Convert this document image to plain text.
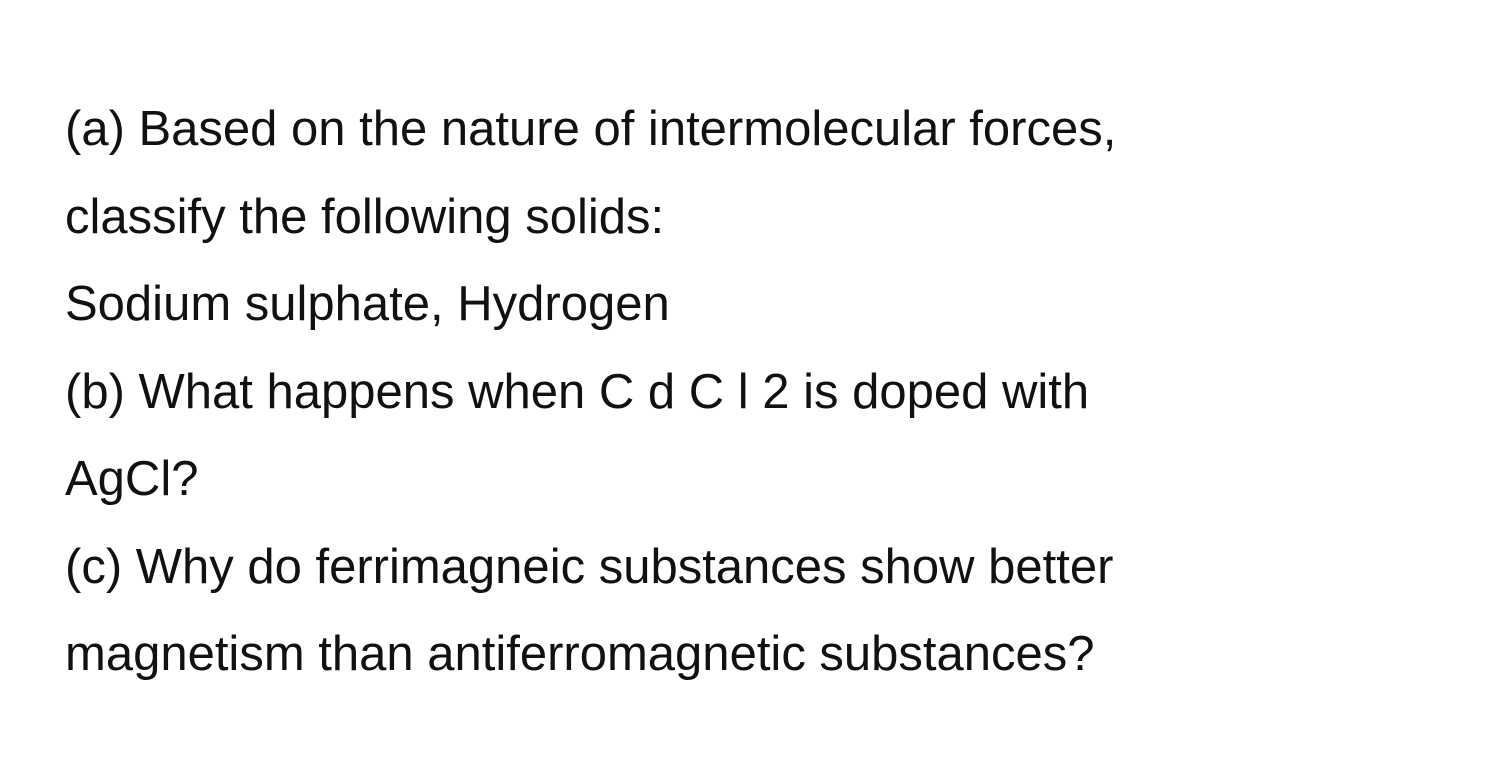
(a) Based on the nature of intermolecular forces,
classify the following solids:
Sodium sulphate, Hydrogen
(b) What happens when C d C l 2 is doped with
AgCl?
(c) Why do ferrimagneic substances show better
magnetism than antiferromagnetic substances?
